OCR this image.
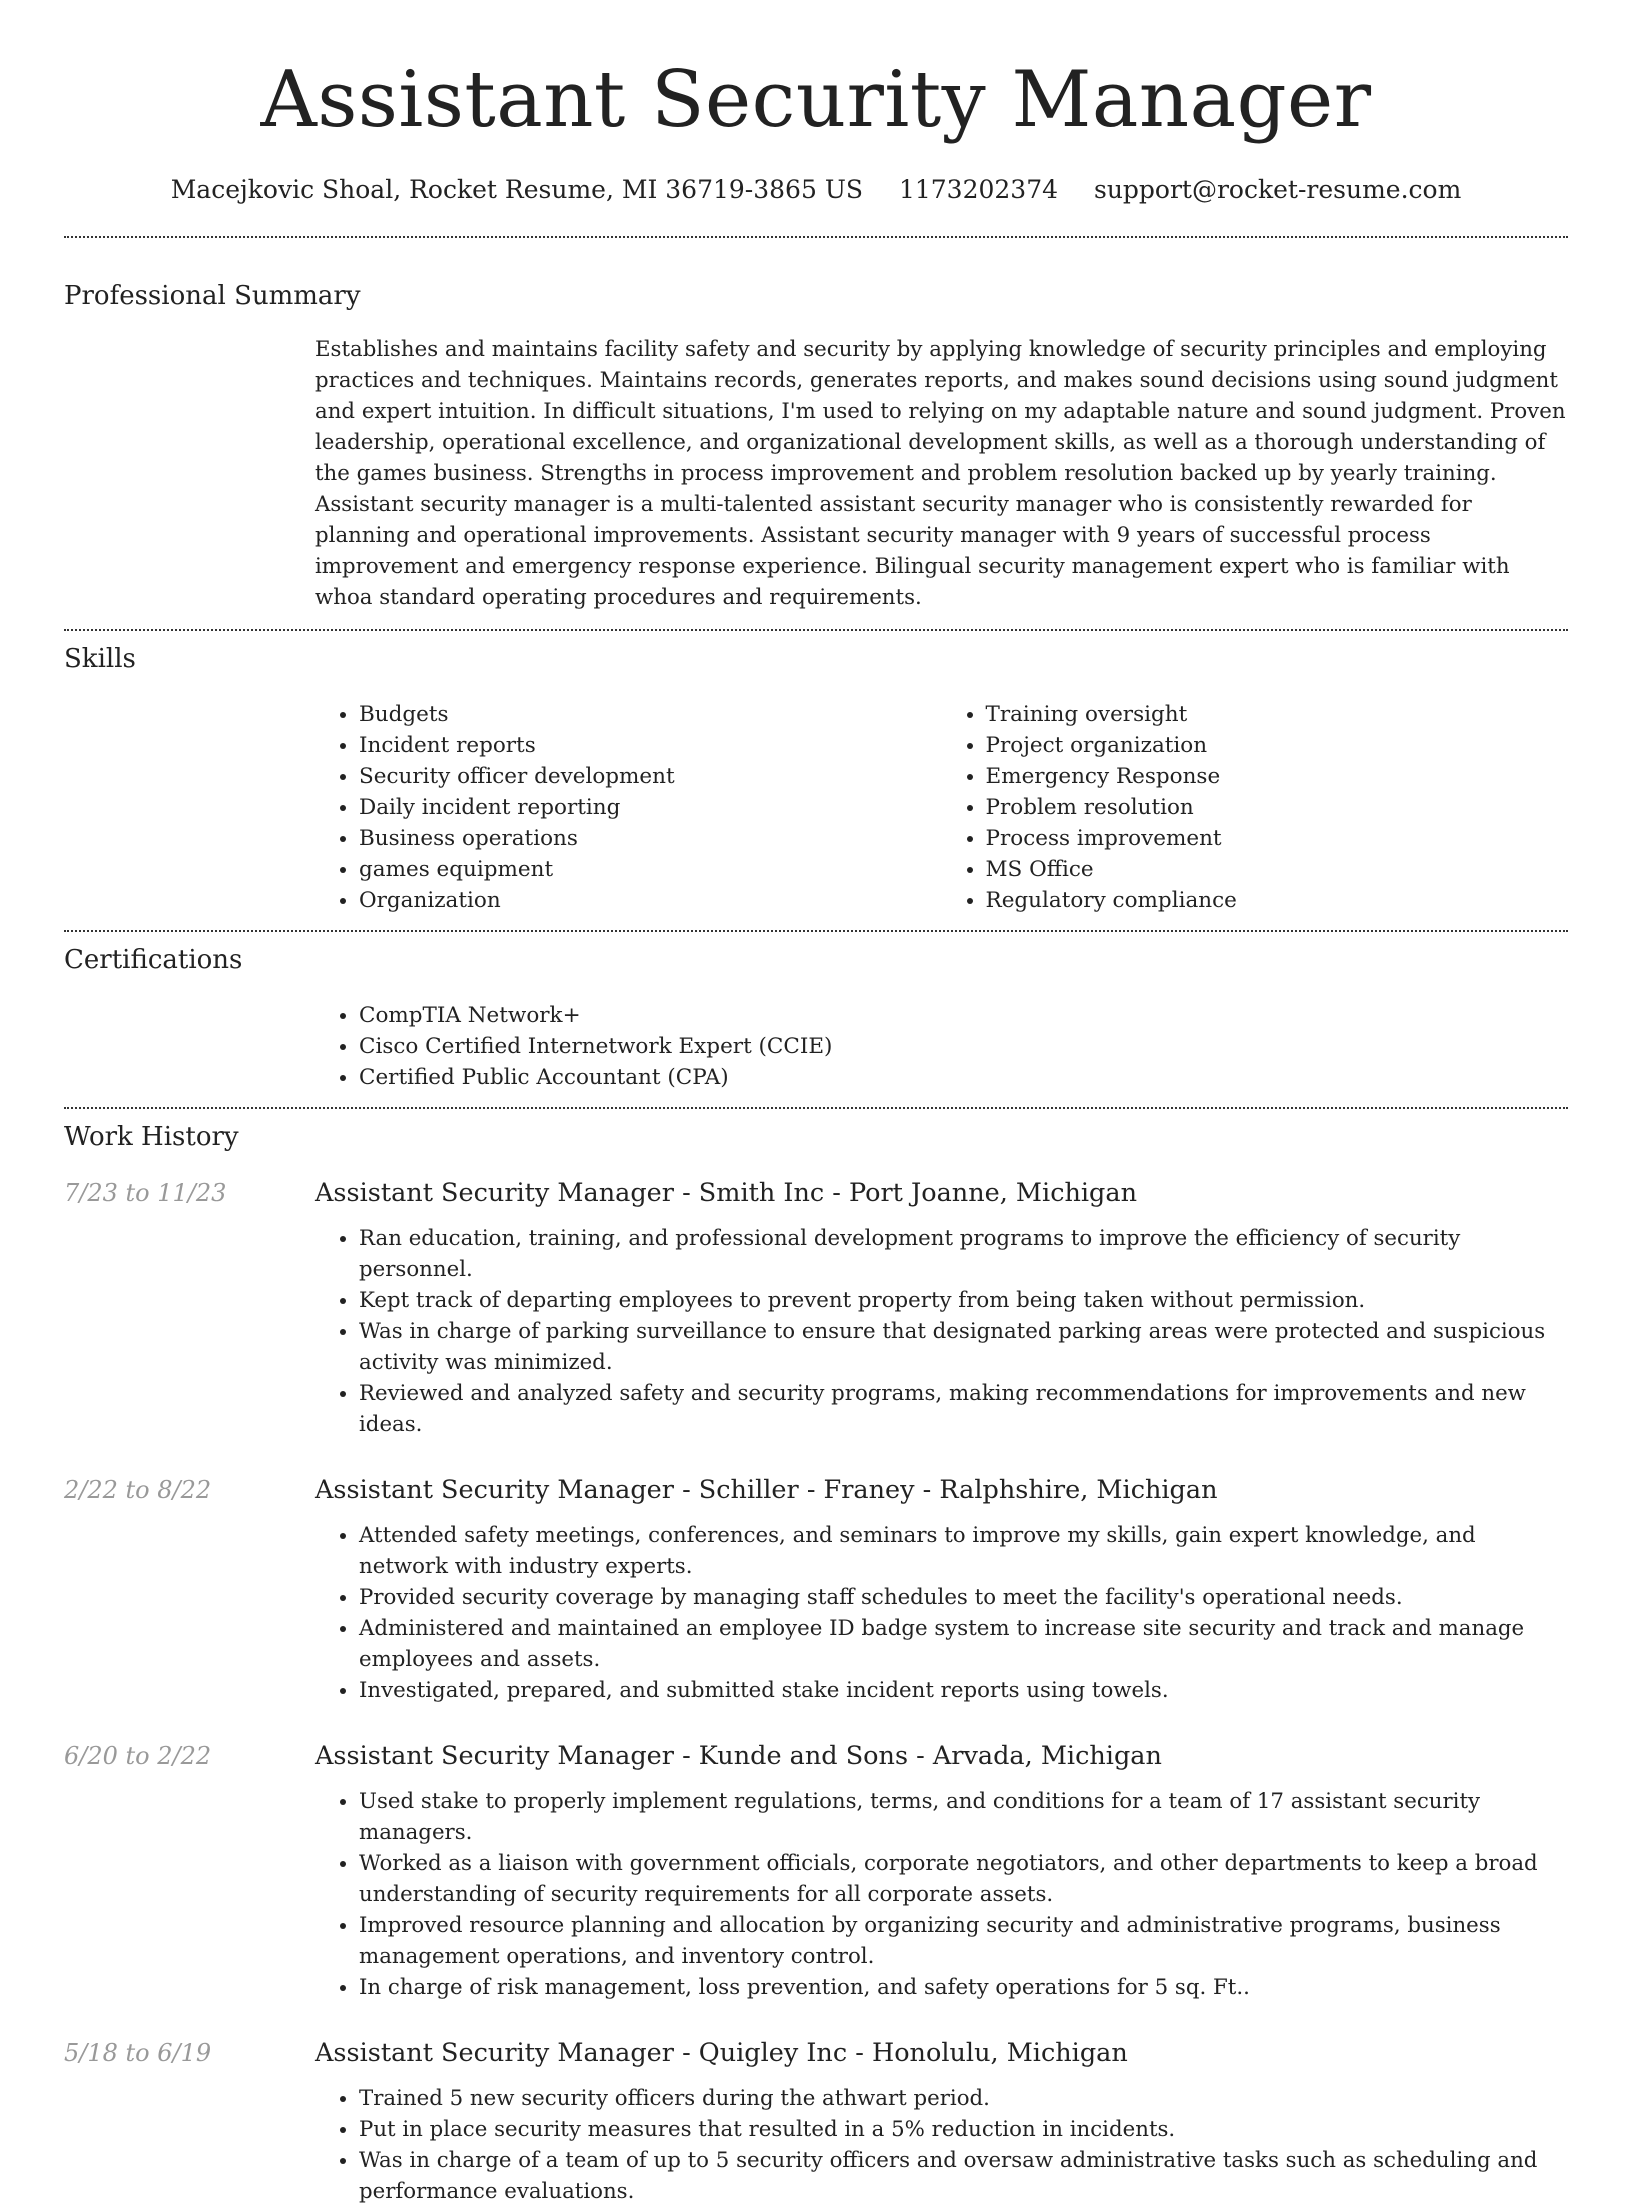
Assistant Security Manager
Macejkovic Shoal, Rocket Resume, MI 36719-3865 US 1173202374 support@rocket-resume.com
Professional Summary
Establishes and maintains facility safety and security by applying knowledge of security principles and employing practices and techniques. Maintains records, generates reports, and makes sound decisions using sound judgment and expert intuition. In difficult situations, I'm used to relying on my adaptable nature and sound judgment. Proven leadership, operational excellence, and organizational development skills, as well as a thorough understanding of the games business. Strengths in process improvement and problem resolution backed up by yearly training. Assistant security manager is a multi-talented assistant security manager who is consistently rewarded for planning and operational improvements. Assistant security manager with 9 years of successful process improvement and emergency response experience. Bilingual security management expert who is familiar with whoa standard operating procedures and requirements.
Skills
• Budgets
• Incident reports
• Security officer development
• Daily incident reporting
• Business operations
• games equipment
• Organization
• Training oversight
• Project organization
• Emergency Response
• Problem resolution
• Process improvement
• MS Office
• Regulatory compliance
Certifications
• CompTIA Network+
• Cisco Certified Internetwork Expert (CCIE)
• Certified Public Accountant (CPA)
Work History
7/23 to 11/23	Assistant Security Manager - Smith Inc - Port Joanne, Michigan
• Ran education, training, and professional development programs to improve the efficiency of security personnel.
• Kept track of departing employees to prevent property from being taken without permission.
• Was in charge of parking surveillance to ensure that designated parking areas were protected and suspicious activity was minimized.
• Reviewed and analyzed safety and security programs, making recommendations for improvements and new ideas.
2/22 to 8/22	Assistant Security Manager - Schiller - Franey - Ralphshire, Michigan
• Attended safety meetings, conferences, and seminars to improve my skills, gain expert knowledge, and network with industry experts.
• Provided security coverage by managing staff schedules to meet the facility's operational needs.
• Administered and maintained an employee ID badge system to increase site security and track and manage employees and assets.
• Investigated, prepared, and submitted stake incident reports using towels.
6/20 to 2/22	Assistant Security Manager - Kunde and Sons - Arvada, Michigan
• Used stake to properly implement regulations, terms, and conditions for a team of 17 assistant security managers.
• Worked as a liaison with government officials, corporate negotiators, and other departments to keep a broad understanding of security requirements for all corporate assets.
• Improved resource planning and allocation by organizing security and administrative programs, business management operations, and inventory control.
• In charge of risk management, loss prevention, and safety operations for 5 sq. Ft..
5/18 to 6/19	Assistant Security Manager - Quigley Inc - Honolulu, Michigan
• Trained 5 new security officers during the athwart period.
• Put in place security measures that resulted in a 5% reduction in incidents.
• Was in charge of a team of up to 5 security officers and oversaw administrative tasks such as scheduling and performance evaluations.
